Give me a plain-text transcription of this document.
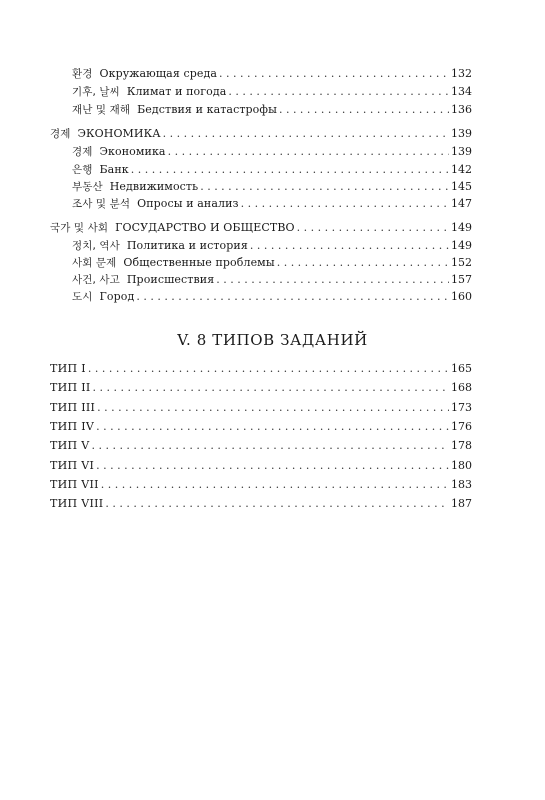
환경 Окружающая среда . . .	132
기후, 날씨 Климат и погода . . .	134
재난 및 재해 Бедствия и катастрофы . . .	136
경제 ЭКОНОМИКА . . .	139
경제 Экономика . . .	139
은행 Банк . . .	142
부동산 Недвижимость . . .	145
조사 및 분석 Опросы и анализ . . .	147
국가 및 사회 ГОСУДАРСТВО И ОБЩЕСТВО . . .	149
정치, 역사 Политика и история . . .	149
사회 문제 Общественные проблемы . . .	152
사건, 사고 Происшествия . . .	157
도시 Город . . .	160
V. 8 ТИПОВ ЗАДАНИЙ
ТИП I . . .	165
ТИП II . . .	168
ТИП III . . .	173
ТИП IV . . .	176
ТИП V . . .	178
ТИП VI . . .	180
ТИП VII . . .	183
ТИП VIII . . .	187
